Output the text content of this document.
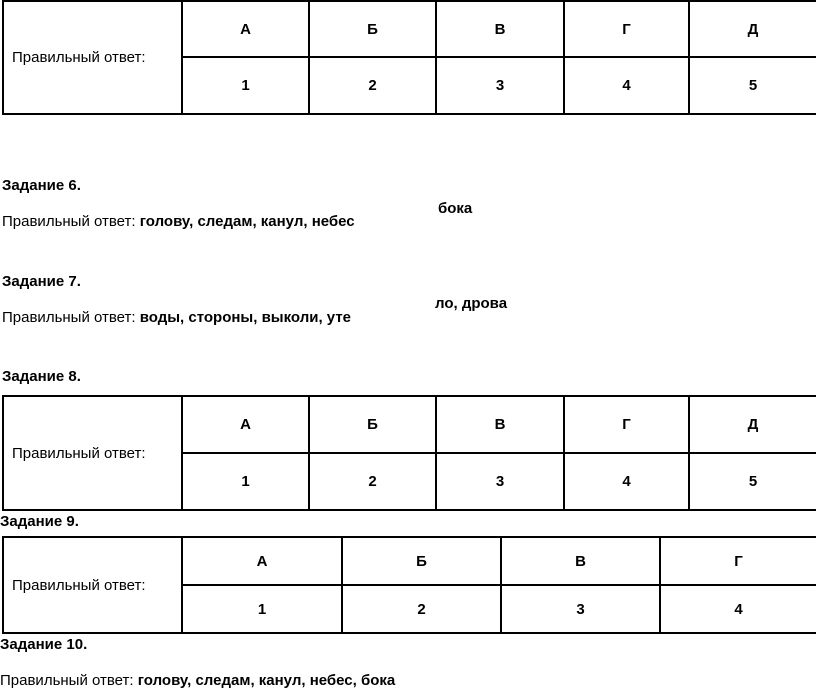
Правильный ответ:	А	Б	В	Г	Д
	1	2	3	4	5
Задание 6.
Правильный ответ: голову, следам, канул, небес
бока
Задание 7.
Правильный ответ: воды, стороны, выколи, уте
ло, дрова
Задание 8.
Правильный ответ:	А	Б	В	Г	Д
	1	2	3	4	5
Задание 9.
Правильный ответ:	А	Б	В	Г
	1	2	3	4
Задание 10.
Правильный ответ: голову, следам, канул, небес, бока
